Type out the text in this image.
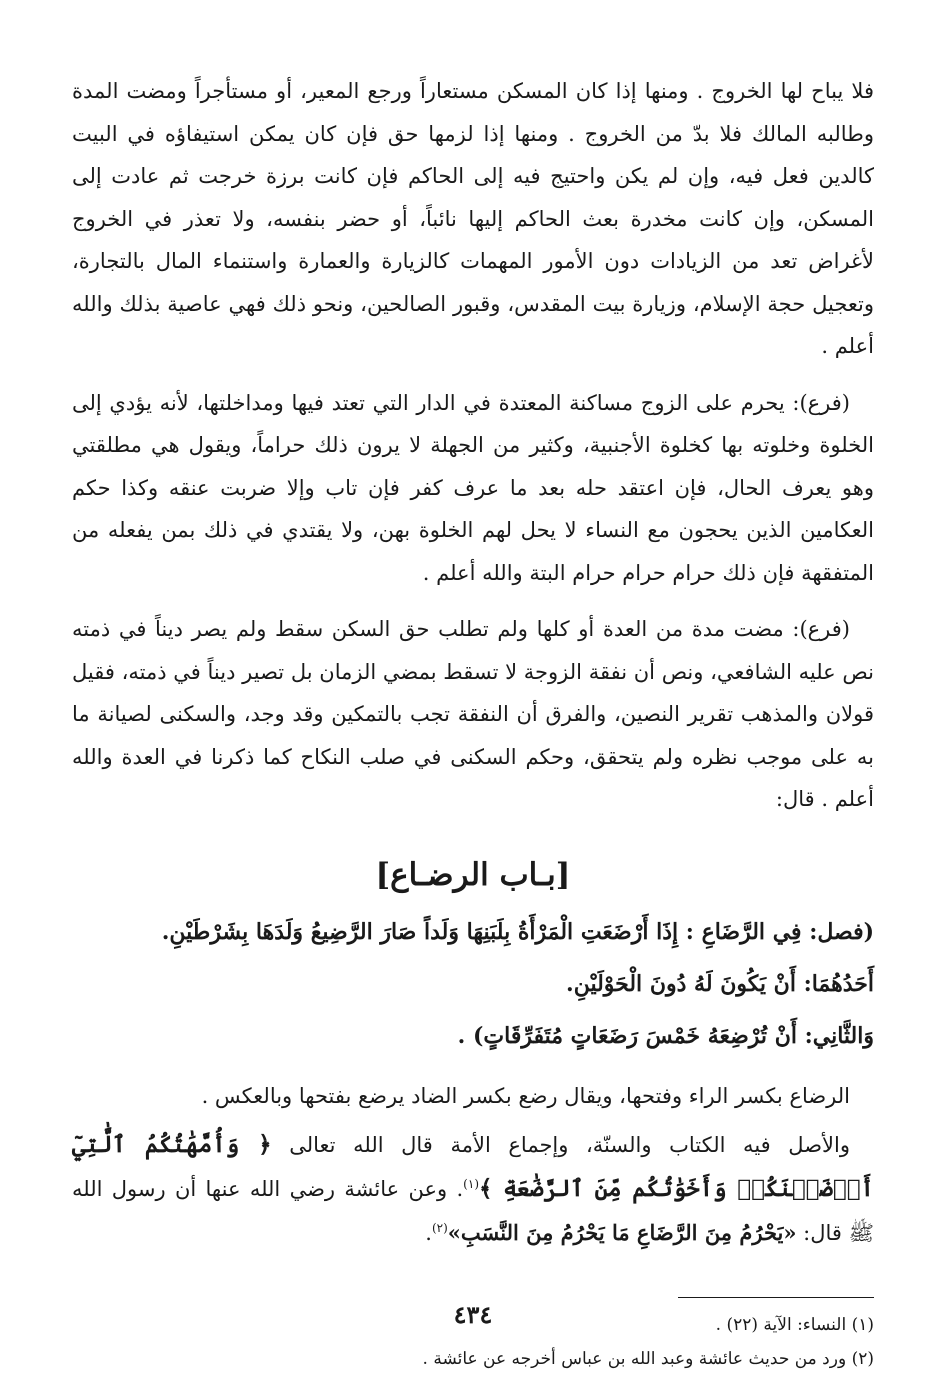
فلا يباح لها الخروج . ومنها إذا كان المسكن مستعاراً ورجع المعير، أو مستأجراً ومضت المدة وطالبه المالك فلا بدّ من الخروج . ومنها إذا لزمها حق فإن كان يمكن استيفاؤه في البيت كالدين فعل فيه، وإن لم يكن واحتيج فيه إلى الحاكم فإن كانت برزة خرجت ثم عادت إلى المسكن، وإن كانت مخدرة بعث الحاكم إليها نائباً، أو حضر بنفسه، ولا تعذر في الخروج لأغراض تعد من الزيادات دون الأمور المهمات كالزيارة والعمارة واستنماء المال بالتجارة، وتعجيل حجة الإسلام، وزيارة بيت المقدس، وقبور الصالحين، ونحو ذلك فهي عاصية بذلك والله أعلم .

(فرع): يحرم على الزوج مساكنة المعتدة في الدار التي تعتد فيها ومداخلتها، لأنه يؤدي إلى الخلوة وخلوته بها كخلوة الأجنبية، وكثير من الجهلة لا يرون ذلك حراماً، ويقول هي مطلقتي وهو يعرف الحال، فإن اعتقد حله بعد ما عرف كفر فإن تاب وإلا ضربت عنقه وكذا حكم العكامين الذين يحجون مع النساء لا يحل لهم الخلوة بهن، ولا يقتدي في ذلك بمن يفعله من المتفقهة فإن ذلك حرام حرام حرام البتة والله أعلم .

(فرع): مضت مدة من العدة أو كلها ولم تطلب حق السكن سقط ولم يصر ديناً في ذمته نص عليه الشافعي، ونص أن نفقة الزوجة لا تسقط بمضي الزمان بل تصير ديناً في ذمته، فقيل قولان والمذهب تقرير النصين، والفرق أن النفقة تجب بالتمكين وقد وجد، والسكنى لصيانة ما به على موجب نظره ولم يتحقق، وحكم السكنى في صلب النكاح كما ذكرنا في العدة والله أعلم . قال:

[بـاب الرضـاع]

(فصل: فِي الرَّضَاعِ : إِذَا أَرْضَعَتِ الْمَرْأَةُ بِلَبَنِهَا وَلَداً صَارَ الرَّضِيعُ وَلَدَهَا بِشَرْطَيْنِ.

أَحَدُهُمَا: أَنْ يَكُونَ لَهُ دُونَ الْحَوْلَيْنِ.

وَالثَّانِي: أَنْ تُرْضِعَهُ خَمْسَ رَضَعَاتٍ مُتَفَرِّقَاتٍ) .

الرضاع بكسر الراء وفتحها، ويقال رضع بكسر الضاد يرضع بفتحها وبالعكس .

والأصل فيه الكتاب والسنّة، وإجماع الأمة قال الله تعالى ﴿ وَأُمَّهَٰتُكُمُ ٱلَّٰتِيٓ أَرۡضَعۡنَكُمۡ وَأَخَوَٰتُكُم مِّنَ ٱلرَّضَٰعَةِ ﴾$^{(١)}$. وعن عائشة رضي الله عنها أن رسول الله ﷺ قال: «يَحْرُمُ مِنَ الرَّضَاعِ مَا يَحْرُمُ مِنَ النَّسَبِ»$^{(٢)}$.

(١) النساء: الآية (٢٢) .

(٢) ورد من حديث عائشة وعبد الله بن عباس أخرجه عن عائشة .

٤٣٤
